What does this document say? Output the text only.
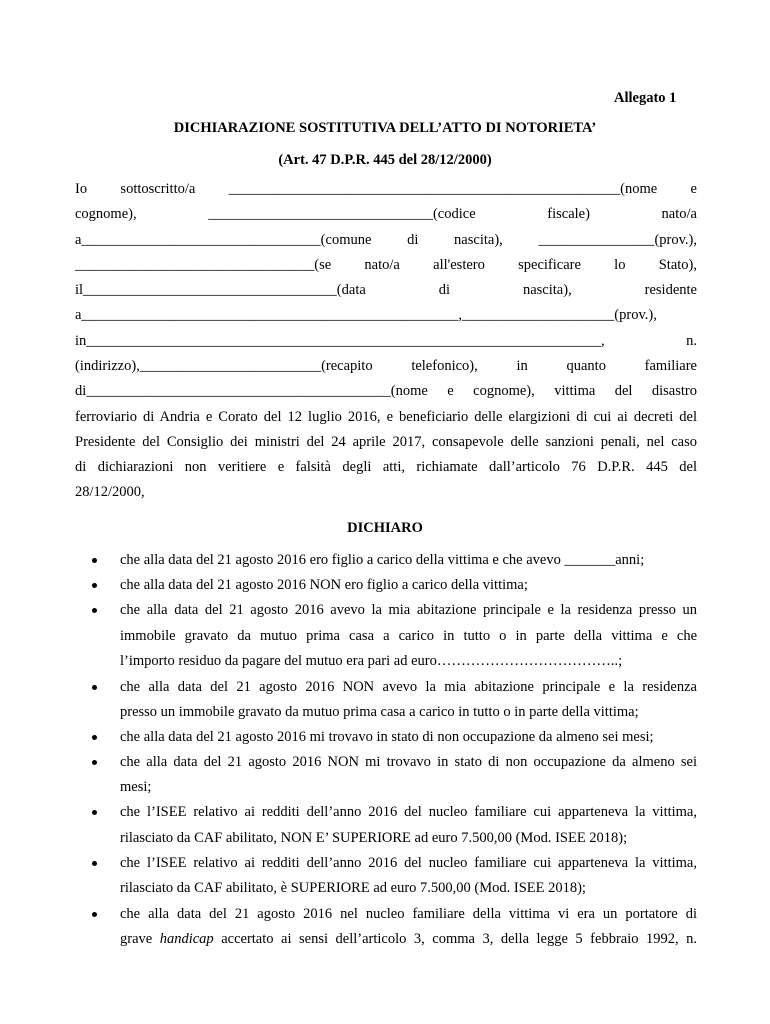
Allegato 1
DICHIARAZIONE SOSTITUTIVA DELL’ATTO DI NOTORIETA’
(Art. 47 D.P.R. 445 del 28/12/2000)
Io sottoscritto/a ______________________________________________________(nome e
cognome), _______________________________(codice fiscale) nato/a
a_________________________________(comune di nascita), ________________(prov.),
_________________________________(se nato/a all'estero specificare lo Stato),
il___________________________________(data di nascita), residente
a____________________________________________________,_____________________(prov.),
in_______________________________________________________________________, n.
(indirizzo),_________________________(recapito telefonico), in quanto familiare
di__________________________________________(nome e cognome), vittima del disastro
ferroviario di Andria e Corato del 12 luglio 2016, e beneficiario delle elargizioni di cui ai decreti del
Presidente del Consiglio dei ministri del 24 aprile 2017, consapevole delle sanzioni penali, nel caso
di dichiarazioni non veritiere e falsità degli atti, richiamate dall’articolo 76 D.P.R. 445 del
28/12/2000,
DICHIARO
che alla data del 21 agosto 2016 ero figlio a carico della vittima e che avevo _______anni;
che alla data del 21 agosto 2016 NON ero figlio a carico della vittima;
che alla data del 21 agosto 2016 avevo la mia abitazione principale e la residenza presso un
immobile gravato da mutuo prima casa a carico in tutto o in parte della vittima e che
l’importo residuo da pagare del mutuo era pari ad euro………………………………..;
che alla data del 21 agosto 2016 NON avevo la mia abitazione principale e la residenza
presso un immobile gravato da mutuo prima casa a carico in tutto o in parte della vittima;
che alla data del 21 agosto 2016 mi trovavo in stato di non occupazione da almeno sei mesi;
che alla data del 21 agosto 2016 NON mi trovavo in stato di non occupazione da almeno sei
mesi;
che l’ISEE relativo ai redditi dell’anno 2016 del nucleo familiare cui apparteneva la vittima,
rilasciato da CAF abilitato, NON E’ SUPERIORE ad euro 7.500,00 (Mod. ISEE 2018);
che l’ISEE relativo ai redditi dell’anno 2016 del nucleo familiare cui apparteneva la vittima,
rilasciato da CAF abilitato, è SUPERIORE ad euro 7.500,00 (Mod. ISEE 2018);
che alla data del 21 agosto 2016 nel nucleo familiare della vittima vi era un portatore di
grave handicap accertato ai sensi dell’articolo 3, comma 3, della legge 5 febbraio 1992, n.
